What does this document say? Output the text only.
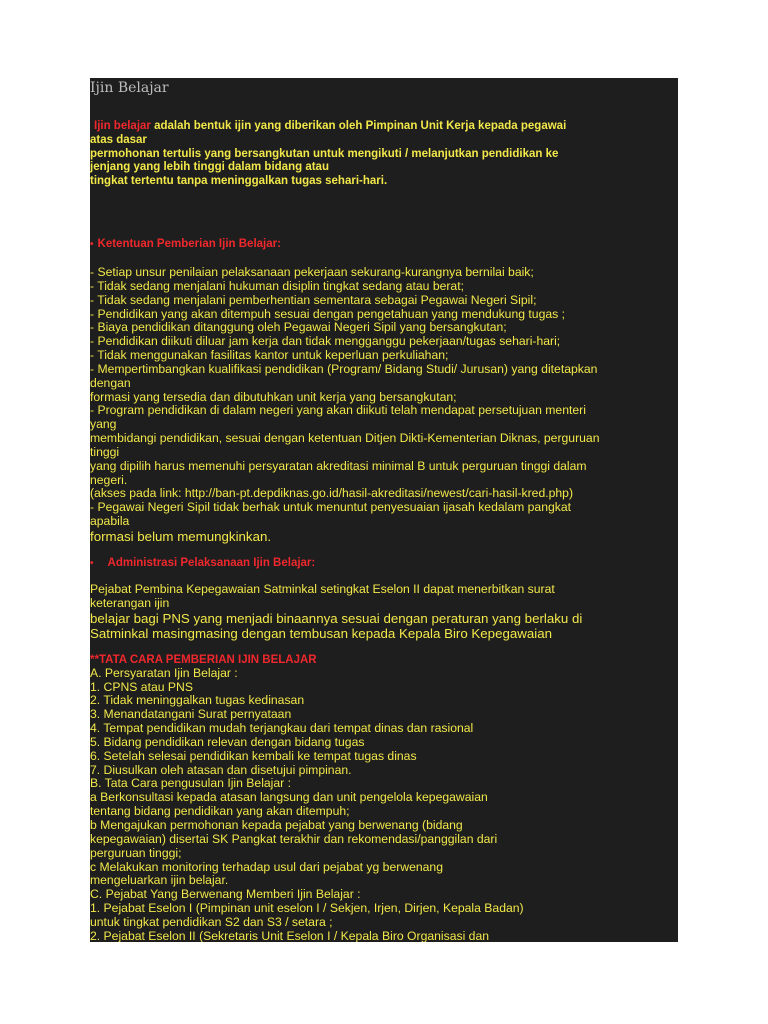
Ijin Belajar
Ijin belajar adalah bentuk ijin yang diberikan oleh Pimpinan Unit Kerja kepada pegawai
atas dasar
permohonan tertulis yang bersangkutan untuk mengikuti / melanjutkan pendidikan ke
jenjang yang lebih tinggi dalam bidang atau
tingkat tertentu tanpa meninggalkan tugas sehari-hari.
• Ketentuan Pemberian Ijin Belajar:
- Setiap unsur penilaian pelaksanaan pekerjaan sekurang-kurangnya bernilai baik;
- Tidak sedang menjalani hukuman disiplin tingkat sedang atau berat;
- Tidak sedang menjalani pemberhentian sementara sebagai Pegawai Negeri Sipil;
- Pendidikan yang akan ditempuh sesuai dengan pengetahuan yang mendukung tugas ;
- Biaya pendidikan ditanggung oleh Pegawai Negeri Sipil yang bersangkutan;
- Pendidikan diikuti diluar jam kerja dan tidak mengganggu pekerjaan/tugas sehari-hari;
- Tidak menggunakan fasilitas kantor untuk keperluan perkuliahan;
- Mempertimbangkan kualifikasi pendidikan (Program/ Bidang Studi/ Jurusan) yang ditetapkan
dengan
formasi yang tersedia dan dibutuhkan unit kerja yang bersangkutan;
- Program pendidikan di dalam negeri yang akan diikuti telah mendapat persetujuan menteri
yang
membidangi pendidikan, sesuai dengan ketentuan Ditjen Dikti-Kementerian Diknas, perguruan
tinggi
yang dipilih harus memenuhi persyaratan akreditasi minimal B untuk perguruan tinggi dalam
negeri.
(akses pada link: http://ban-pt.depdiknas.go.id/hasil-akreditasi/newest/cari-hasil-kred.php)
- Pegawai Negeri Sipil tidak berhak untuk menuntut penyesuaian ijasah kedalam pangkat
apabila
formasi belum memungkinkan.
• Administrasi Pelaksanaan Ijin Belajar:
Pejabat Pembina Kepegawaian Satminkal setingkat Eselon II dapat menerbitkan surat
keterangan ijin
belajar bagi PNS yang menjadi binaannya sesuai dengan peraturan yang berlaku di
Satminkal masingmasing dengan tembusan kepada Kepala Biro Kepegawaian
**TATA CARA PEMBERIAN IJIN BELAJAR
A. Persyaratan Ijin Belajar :
1. CPNS atau PNS
2. Tidak meninggalkan tugas kedinasan
3. Menandatangani Surat pernyataan
4. Tempat pendidikan mudah terjangkau dari tempat dinas dan rasional
5. Bidang pendidikan relevan dengan bidang tugas
6. Setelah selesai pendidikan kembali ke tempat tugas dinas
7. Diusulkan oleh atasan dan disetujui pimpinan.
B. Tata Cara pengusulan Ijin Belajar :
a Berkonsultasi kepada atasan langsung dan unit pengelola kepegawaian
tentang bidang pendidikan yang akan ditempuh;
b Mengajukan permohonan kepada pejabat yang berwenang (bidang
kepegawaian) disertai SK Pangkat terakhir dan rekomendasi/panggilan dari
perguruan tinggi;
c Melakukan monitoring terhadap usul dari pejabat yg berwenang
mengeluarkan ijin belajar.
C. Pejabat Yang Berwenang Memberi Ijin Belajar :
1. Pejabat Eselon I (Pimpinan unit eselon I / Sekjen, Irjen, Dirjen, Kepala Badan)
untuk tingkat pendidikan S2 dan S3 / setara ;
2. Pejabat Eselon II (Sekretaris Unit Eselon I / Kepala Biro Organisasi dan
